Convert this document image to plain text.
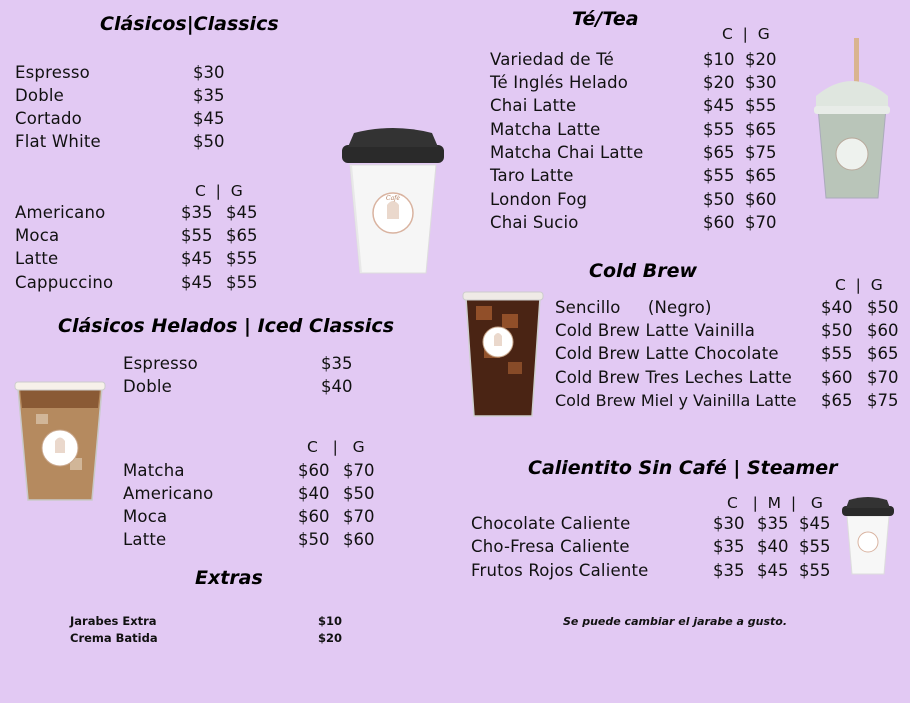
Clásicos|Classics
Espresso	$30
Doble	$35
Cortado	$45
Flat White	$50
C  |  G
Americano	$35 $45
Moca	$55 $65
Latte	$45 $55
Cappuccino	$45 $55
Café
Clásicos Helados | Iced Classics
Espresso	$35
Doble	$40
C   |   G
Matcha	$60 $70
Americano	$40 $50
Moca	$60 $70
Latte	$50 $60
Extras
Jarabes Extra	$10
Crema Batida	$20
Té/Tea
C  |  G
Variedad de Té	$10 $20
Té Inglés Helado	$20 $30
Chai Latte	$45 $55
Matcha Latte	$55 $65
Matcha Chai Latte	$65 $75
Taro Latte	$55 $65
London Fog	$50 $60
Chai Sucio	$60 $70
Cold Brew
C  |  G
Sencillo     (Negro)	$40 $50
Cold Brew Latte Vainilla	$50 $60
Cold Brew Latte Chocolate	$55 $65
Cold Brew Tres Leches Latte $60 $70
Cold Brew Miel y Vainilla Latte $65 $75
Calientito Sin Café | Steamer
C   |  M  |   G
Chocolate Caliente	$30 $35 $45
Cho-Fresa Caliente	$35 $40 $55
Frutos Rojos Caliente	$35 $45 $55
Se puede cambiar el jarabe a gusto.
